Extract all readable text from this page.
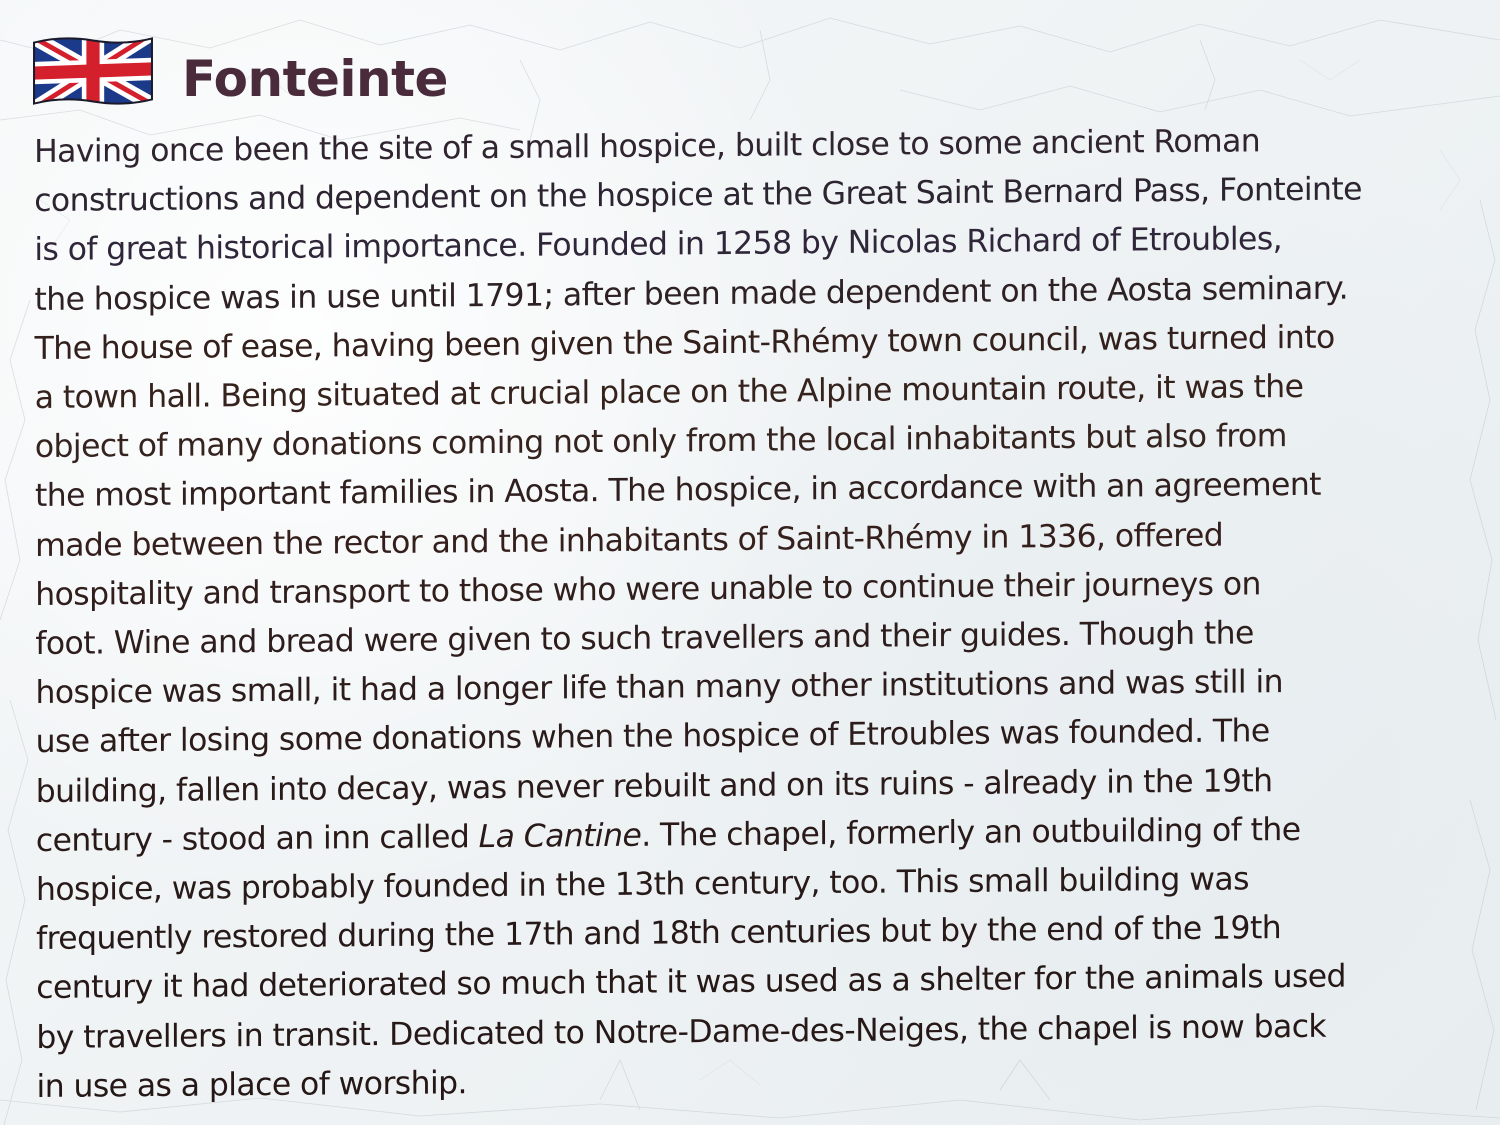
Fonteinte

Having once been the site of a small hospice, built close to some ancient Roman
constructions and dependent on the hospice at the Great Saint Bernard Pass, Fonteinte
is of great historical importance. Founded in 1258 by Nicolas Richard of Etroubles,
the hospice was in use until 1791; after been made dependent on the Aosta seminary.
The house of ease, having been given the Saint-Rhémy town council, was turned into
a town hall. Being situated at crucial place on the Alpine mountain route, it was the
object of many donations coming not only from the local inhabitants but also from
the most important families in Aosta. The hospice, in accordance with an agreement
made between the rector and the inhabitants of Saint-Rhémy in 1336, offered
hospitality and transport to those who were unable to continue their journeys on
foot. Wine and bread were given to such travellers and their guides. Though the
hospice was small, it had a longer life than many other institutions and was still in
use after losing some donations when the hospice of Etroubles was founded. The
building, fallen into decay, was never rebuilt and on its ruins - already in the 19th
century - stood an inn called La Cantine. The chapel, formerly an outbuilding of the
hospice, was probably founded in the 13th century, too. This small building was
frequently restored during the 17th and 18th centuries but by the end of the 19th
century it had deteriorated so much that it was used as a shelter for the animals used
by travellers in transit. Dedicated to Notre-Dame-des-Neiges, the chapel is now back
in use as a place of worship.
